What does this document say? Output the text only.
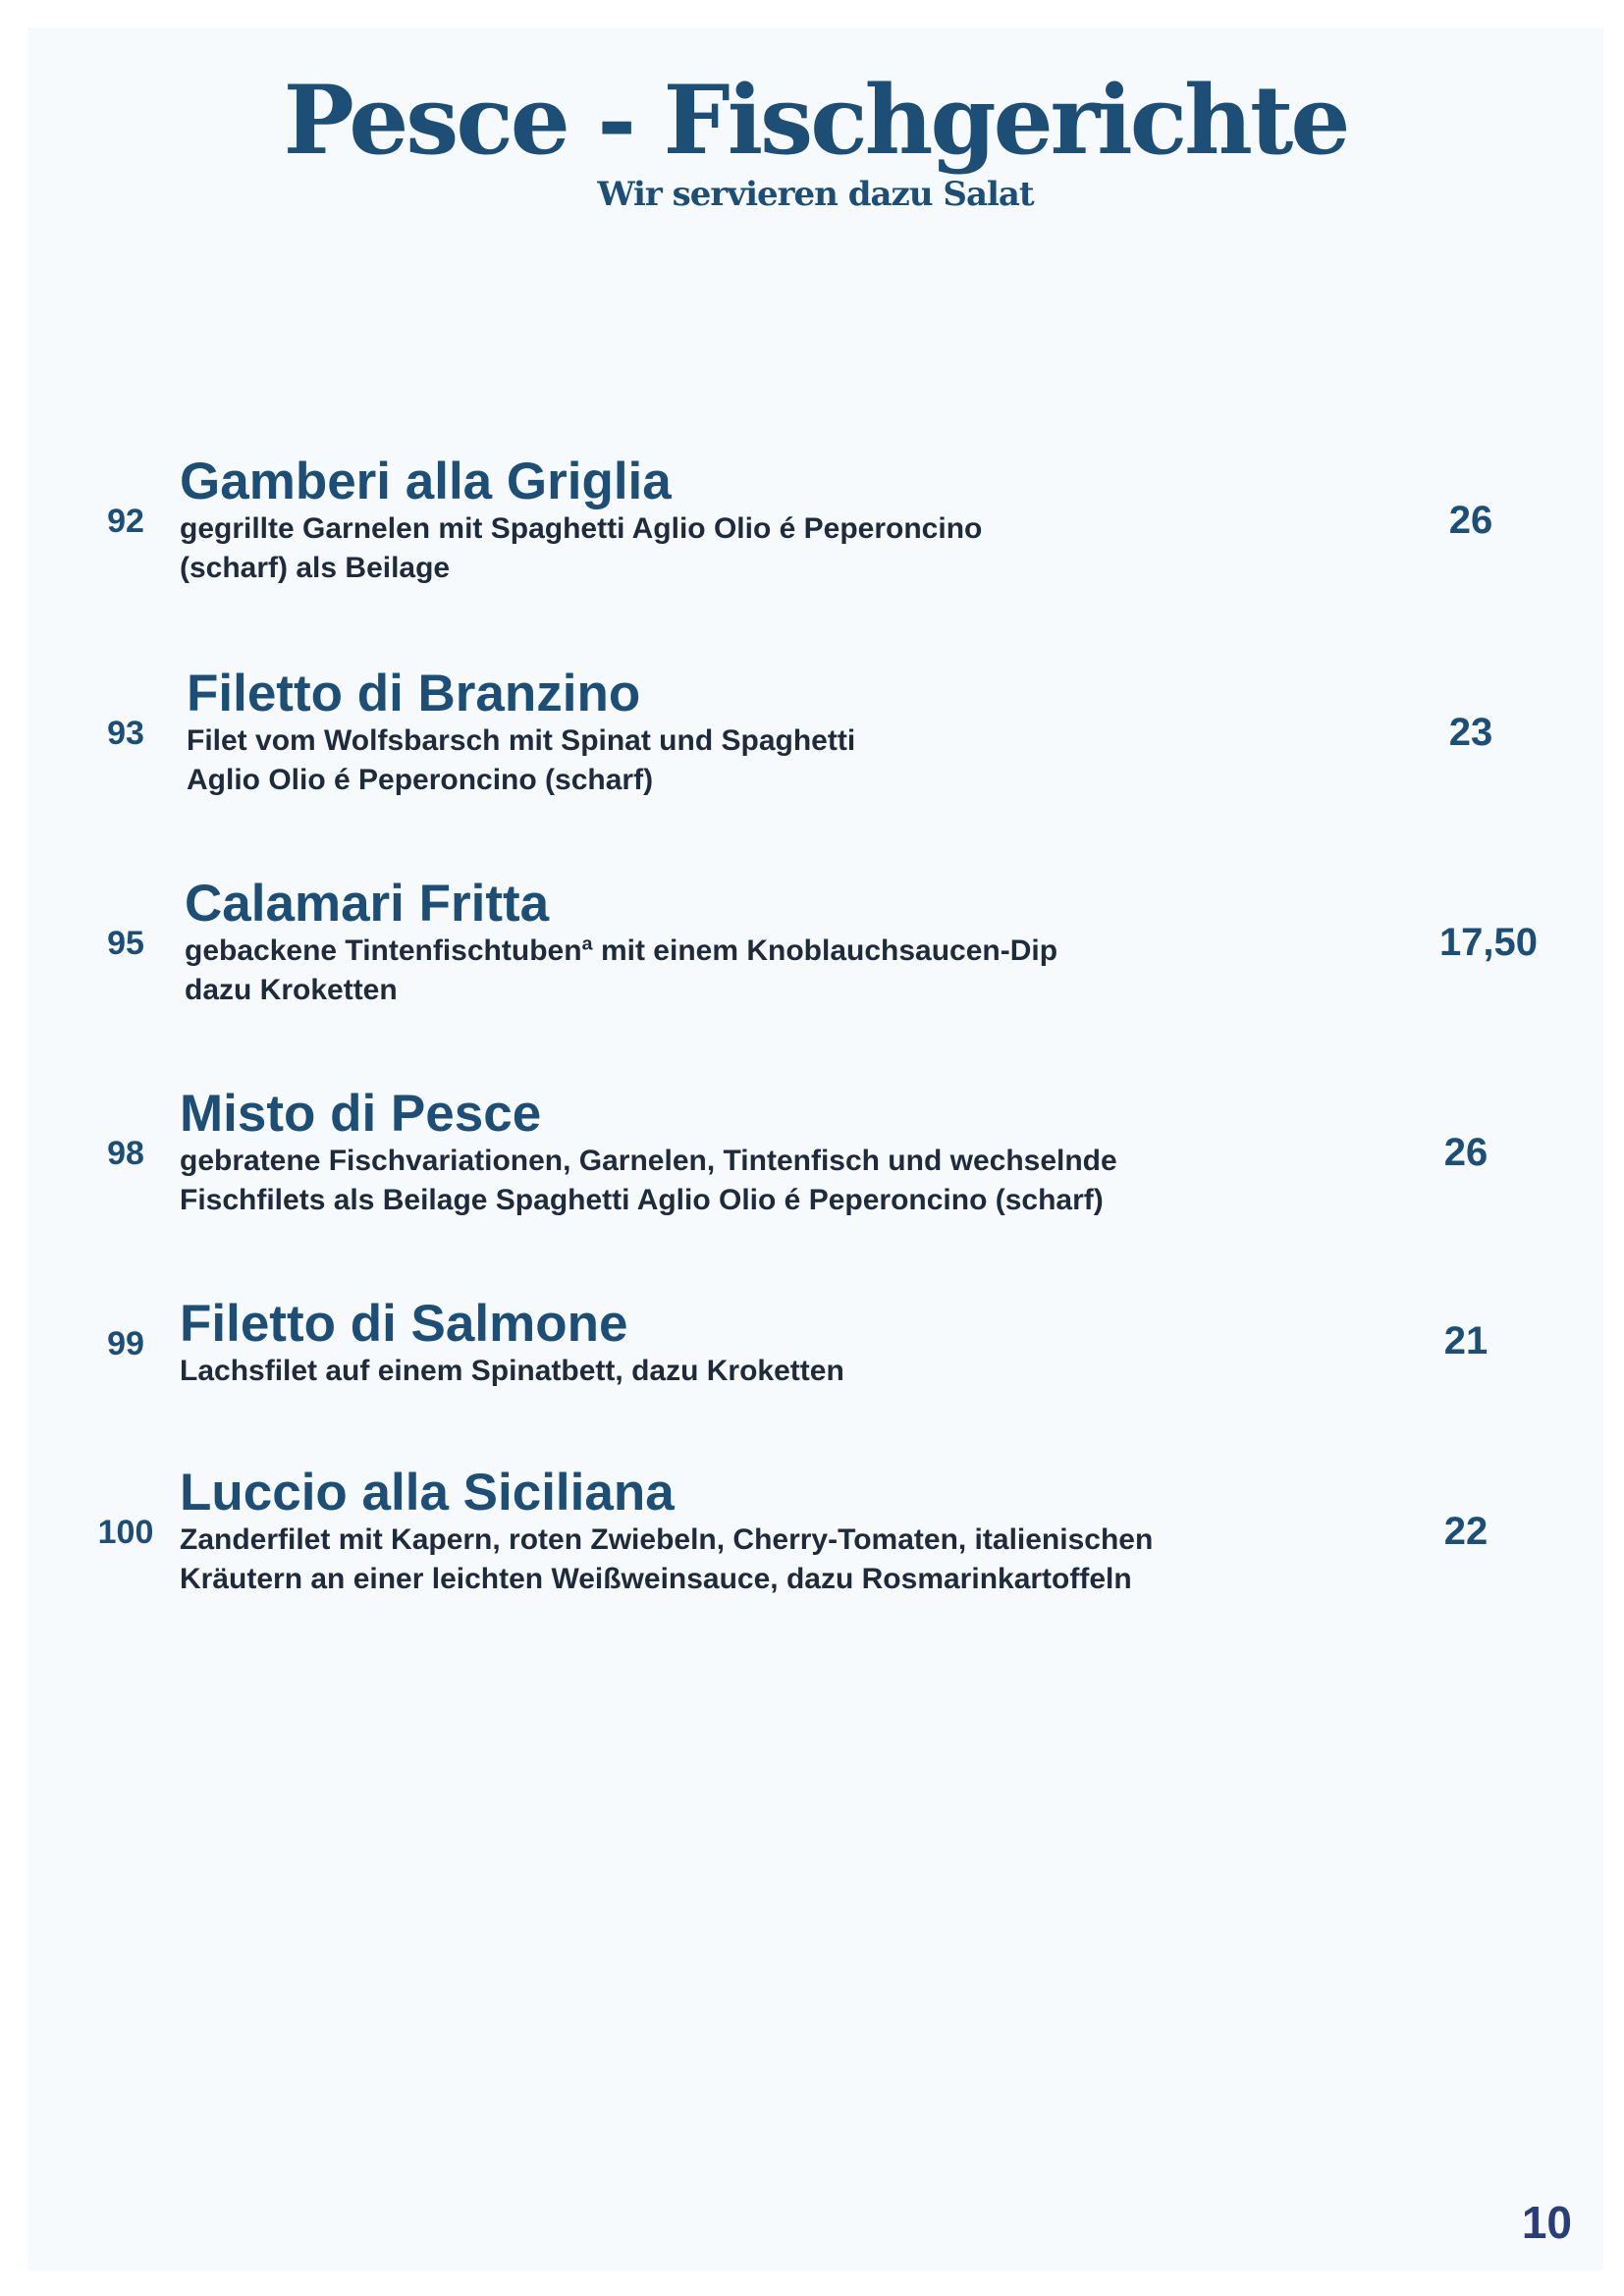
Pesce - Fischgerichte
Wir servieren dazu Salat
92
Gamberi alla Griglia
gegrillte Garnelen mit Spaghetti Aglio Olio é Peperoncino
(scharf) als Beilage
26
93
Filetto di Branzino
Filet vom Wolfsbarsch mit Spinat und Spaghetti
Aglio Olio é Peperoncino (scharf)
23
95
Calamari Fritta
gebackene Tintenfischtubenª mit einem Knoblauchsaucen-Dip
dazu Kroketten
17,50
98
Misto di Pesce
gebratene Fischvariationen, Garnelen, Tintenfisch und wechselnde
Fischfilets als Beilage Spaghetti Aglio Olio é Peperoncino (scharf)
26
99 Filetto di Salmone
Lachsfilet auf einem Spinatbett, dazu Kroketten
21
100
Luccio alla Siciliana
Zanderfilet mit Kapern, roten Zwiebeln, Cherry-Tomaten, italienischen
Kräutern an einer leichten Weißweinsauce, dazu Rosmarinkartoffeln
22
10
